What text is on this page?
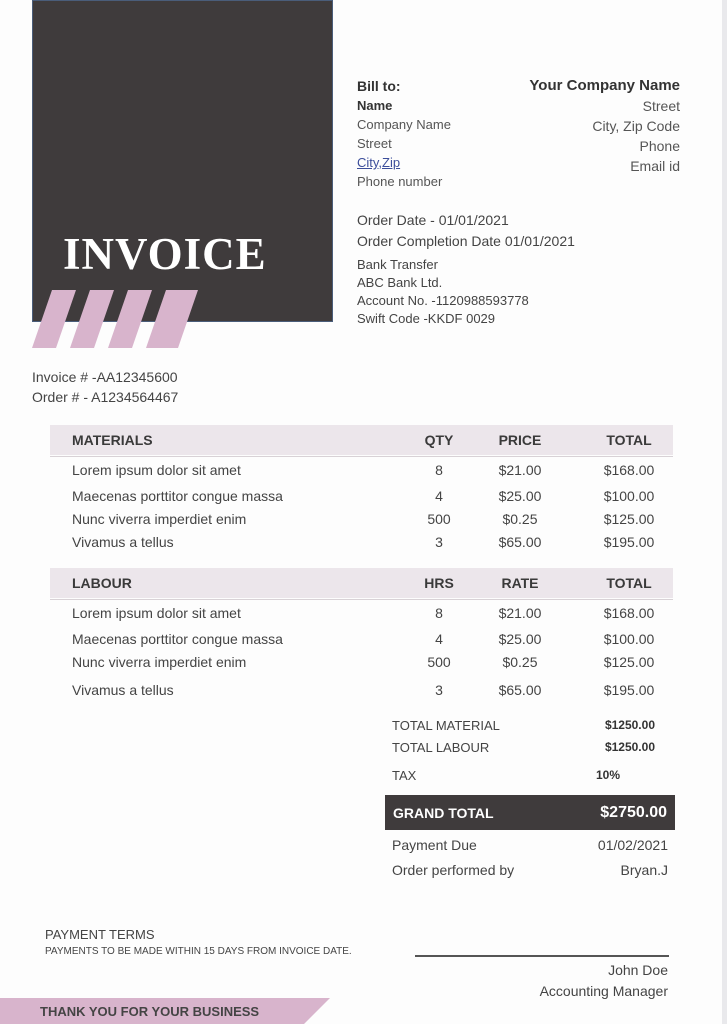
INVOICE
Bill to:
Name
Company Name
Street
City,Zip
Phone number
Your Company Name
Street
City, Zip Code
Phone
Email id
Order Date - 01/01/2021
Order Completion Date 01/01/2021
Bank Transfer
ABC Bank Ltd.
Account No. -1120988593778
Swift Code -KKDF 0029
Invoice # -AA12345600
Order # - A1234564467
MATERIALS	QTY	PRICE	TOTAL
Lorem ipsum dolor sit amet	8	$21.00	$168.00
Maecenas porttitor congue massa	4	$25.00	$100.00
Nunc viverra imperdiet enim	500	$0.25	$125.00
Vivamus a tellus	3	$65.00	$195.00
LABOUR	HRS	RATE	TOTAL
Lorem ipsum dolor sit amet	8	$21.00	$168.00
Maecenas porttitor congue massa	4	$25.00	$100.00
Nunc viverra imperdiet enim	500	$0.25	$125.00
Vivamus a tellus	3	$65.00	$195.00
TOTAL MATERIAL	$1250.00
TOTAL LABOUR	$1250.00
TAX	10%
GRAND TOTAL	$2750.00
Payment Due	01/02/2021
Order performed by	Bryan.J
PAYMENT TERMS
PAYMENTS TO BE MADE WITHIN 15 DAYS FROM INVOICE DATE.
John Doe
Accounting Manager
THANK YOU FOR YOUR BUSINESS
